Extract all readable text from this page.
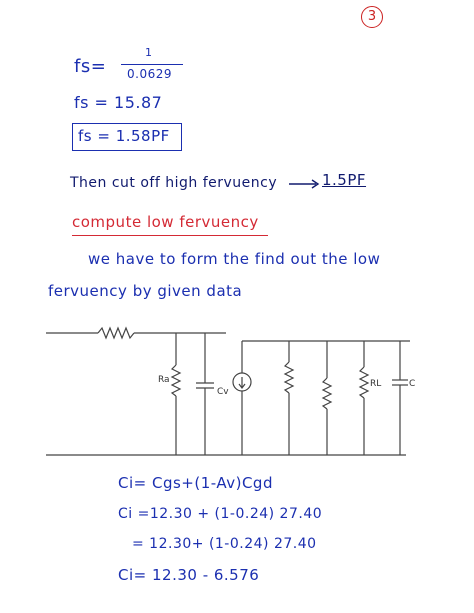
3
fs=
1
0.0629
fs = 15.87
fs = 1.58PF
Then cut off high fervuency	1.5PF
compute low fervuency
we have to form the find out the low
fervuency by given data
Ra
Cv
RL	C
Ci= Cgs+(1-Av)Cgd
Ci =12.30 + (1-0.24) 27.40
= 12.30+ (1-0.24) 27.40
Ci= 12.30 - 6.576
